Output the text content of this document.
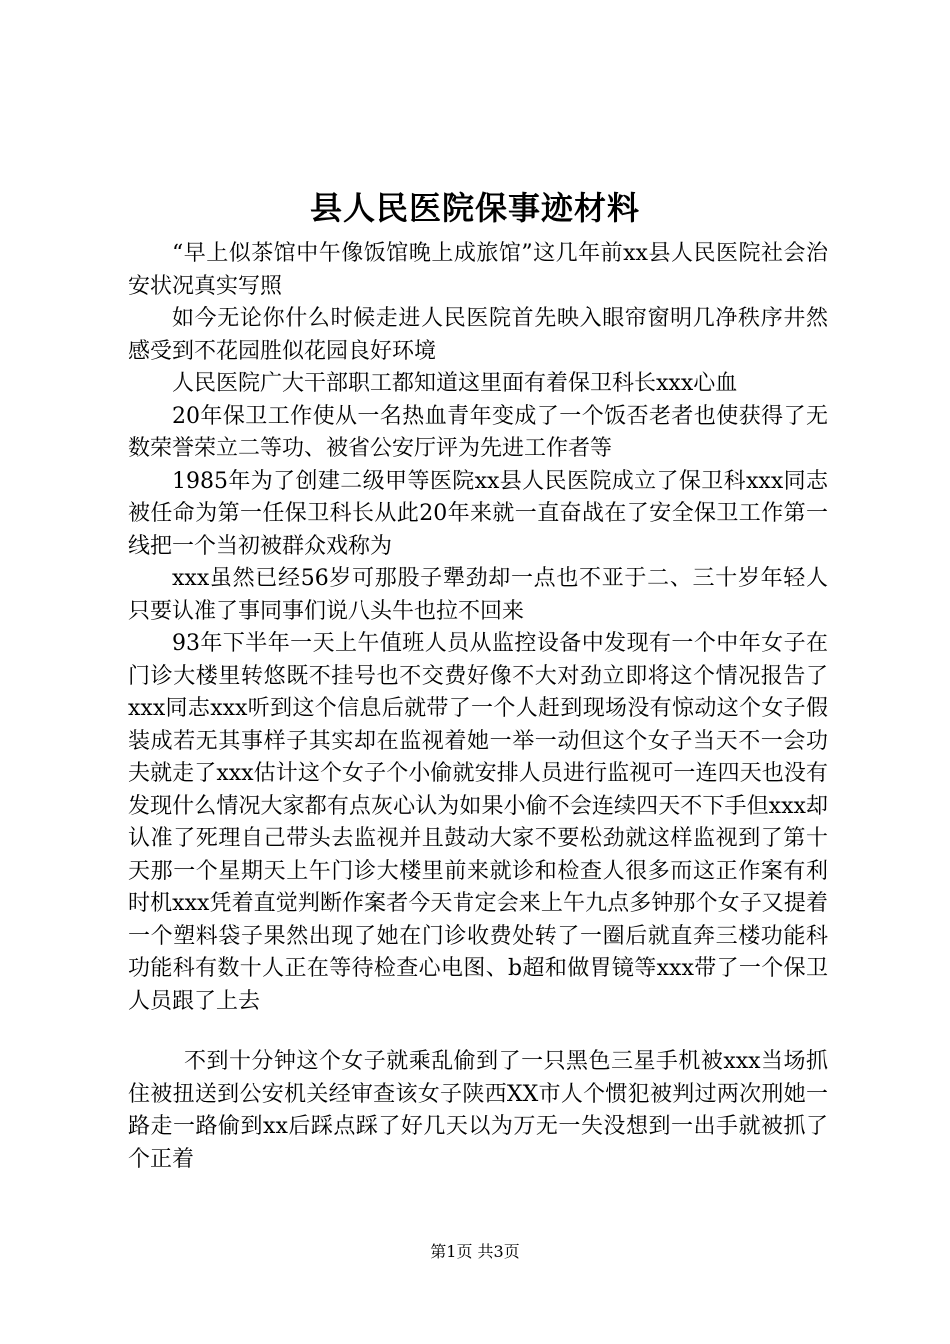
县人民医院保事迹材料

“早上似茶馆中午像饭馆晚上成旅馆”这几年前xx县人民医院社会治安状况真实写照

如今无论你什么时候走进人民医院首先映入眼帘窗明几净秩序井然感受到不花园胜似花园良好环境

人民医院广大干部职工都知道这里面有着保卫科长xxx心血

20年保卫工作使从一名热血青年变成了一个饭否老者也使获得了无数荣誉荣立二等功、被省公安厅评为先进工作者等

1985年为了创建二级甲等医院xx县人民医院成立了保卫科xxx同志被任命为第一任保卫科长从此20年来就一直奋战在了安全保卫工作第一线把一个当初被群众戏称为

xxx虽然已经56岁可那股子犟劲却一点也不亚于二、三十岁年轻人只要认准了事同事们说八头牛也拉不回来

93年下半年一天上午值班人员从监控设备中发现有一个中年女子在门诊大楼里转悠既不挂号也不交费好像不大对劲立即将这个情况报告了xxx同志xxx听到这个信息后就带了一个人赶到现场没有惊动这个女子假装成若无其事样子其实却在监视着她一举一动但这个女子当天不一会功夫就走了xxx估计这个女子个小偷就安排人员进行监视可一连四天也没有发现什么情况大家都有点灰心认为如果小偷不会连续四天不下手但xxx却认准了死理自己带头去监视并且鼓动大家不要松劲就这样监视到了第十天那一个星期天上午门诊大楼里前来就诊和检查人很多而这正作案有利时机xxx凭着直觉判断作案者今天肯定会来上午九点多钟那个女子又提着一个塑料袋子果然出现了她在门诊收费处转了一圈后就直奔三楼功能科功能科有数十人正在等待检查心电图、b超和做胃镜等xxx带了一个保卫人员跟了上去

不到十分钟这个女子就乘乱偷到了一只黑色三星手机被xxx当场抓住被扭送到公安机关经审查该女子陕西XX市人个惯犯被判过两次刑她一路走一路偷到xx后踩点踩了好几天以为万无一失没想到一出手就被抓了个正着

第1页 共3页
